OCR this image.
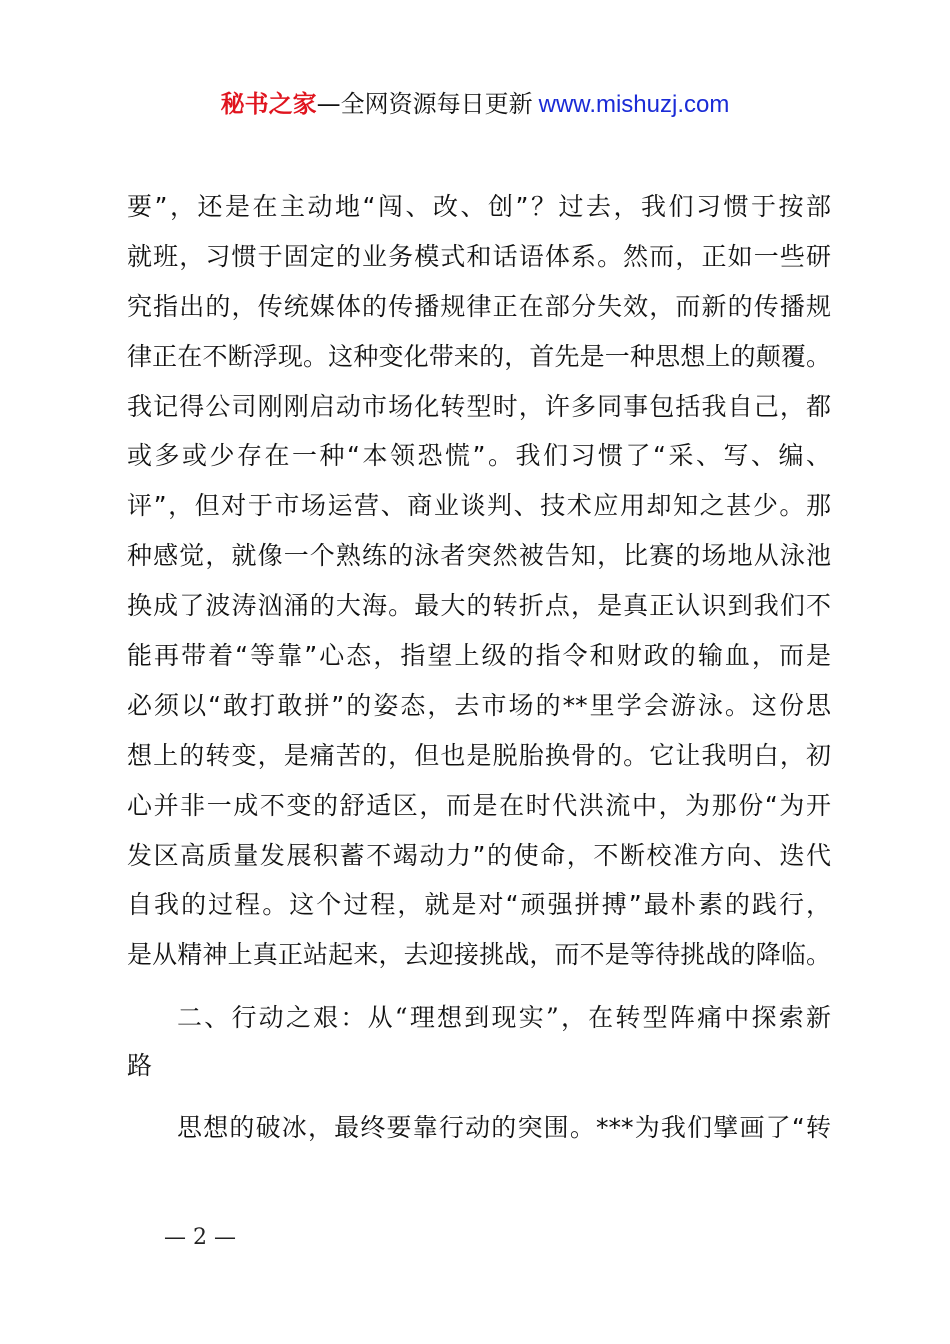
秘书之家—全网资源每日更新 www.mishuzj.com
要”，还是在主动地“闯、改、创”？过去，我们习惯于按部
就班，习惯于固定的业务模式和话语体系。然而，正如一些研
究指出的，传统媒体的传播规律正在部分失效，而新的传播规
律正在不断浮现。这种变化带来的，首先是一种思想上的颠覆。
我记得公司刚刚启动市场化转型时，许多同事包括我自己，都
或多或少存在一种“本领恐慌”。我们习惯了“采、写、编、
评”，但对于市场运营、商业谈判、技术应用却知之甚少。那
种感觉，就像一个熟练的泳者突然被告知，比赛的场地从泳池
换成了波涛汹涌的大海。最大的转折点，是真正认识到我们不
能再带着“等靠”心态，指望上级的指令和财政的输血，而是
必须以“敢打敢拼”的姿态，去市场的**里学会游泳。这份思
想上的转变，是痛苦的，但也是脱胎换骨的。它让我明白，初
心并非一成不变的舒适区，而是在时代洪流中，为那份“为开
发区高质量发展积蓄不竭动力”的使命，不断校准方向、迭代
自我的过程。这个过程，就是对“顽强拼搏”最朴素的践行，
是从精神上真正站起来，去迎接挑战，而不是等待挑战的降临。
二、行动之艰：从“理想到现实”，在转型阵痛中探索新
路
思想的破冰，最终要靠行动的突围。***为我们擘画了“转
— 2 —
